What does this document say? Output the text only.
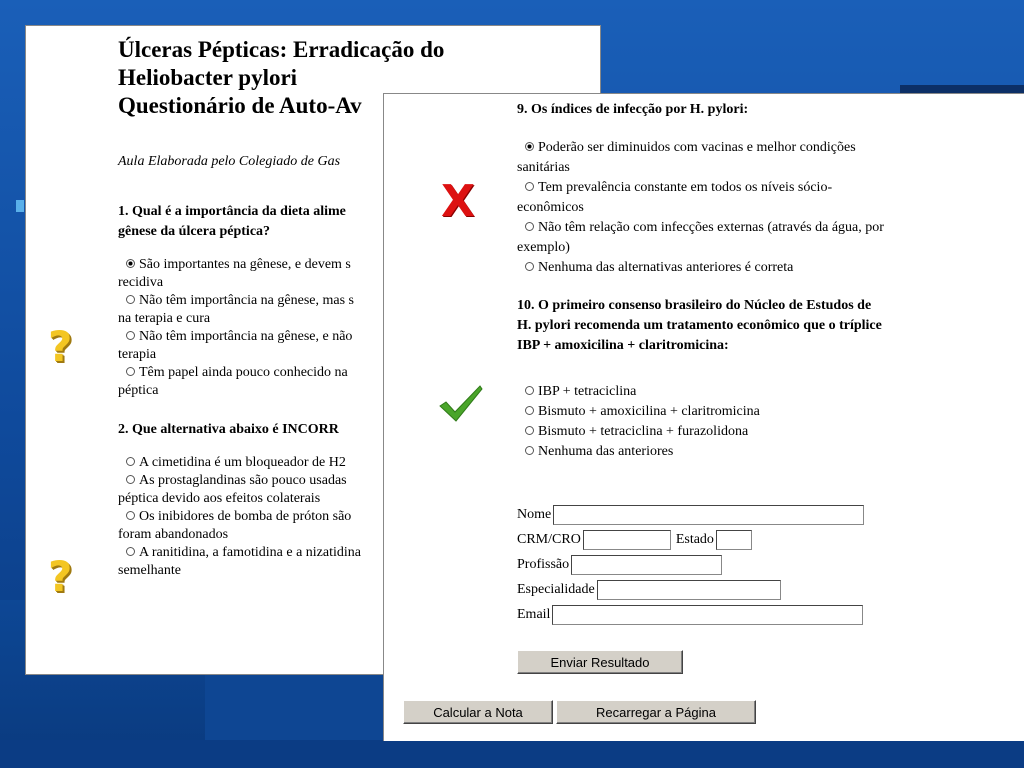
Úlceras Pépticas: Erradicação do

Heliobacter pylori

Questionário de Auto-Av

Aula Elaborada pelo Colegiado de Gas
1. Qual é a importância da dieta alime
gênese da úlcera péptica?
São importantes na gênese, e devem s
recidiva
Não têm importância na gênese, mas s
na terapia e cura
Não têm importância na gênese, e não
terapia
Têm papel ainda pouco conhecido na
péptica
2. Que alternativa abaixo é INCORR
A cimetidina é um bloqueador de H2
As prostaglandinas são pouco usadas
péptica devido aos efeitos colaterais
Os inibidores de bomba de próton são
foram abandonados
A ranitidina, a famotidina e a nizatidina
semelhante
9. Os índices de infecção por H. pylori:
Poderão ser diminuidos com vacinas e melhor condições
sanitárias
Tem prevalência constante em todos os níveis sócio-
econômicos
Não têm relação com infecções externas (através da água, por
exemplo)
Nenhuma das alternativas anteriores é correta
10. O primeiro consenso brasileiro do Núcleo de Estudos de
H. pylori recomenda um tratamento econômico que o tríplice
IBP + amoxicilina + claritromicina:
IBP + tetraciclina
Bismuto + amoxicilina + claritromicina
Bismuto + tetraciclina + furazolidona
Nenhuma das anteriores
Nome
CRM/CRO	Estado
Profissão
Especialidade
Email
Enviar Resultado
Calcular a Nota	Recarregar a Página
?
?
X
